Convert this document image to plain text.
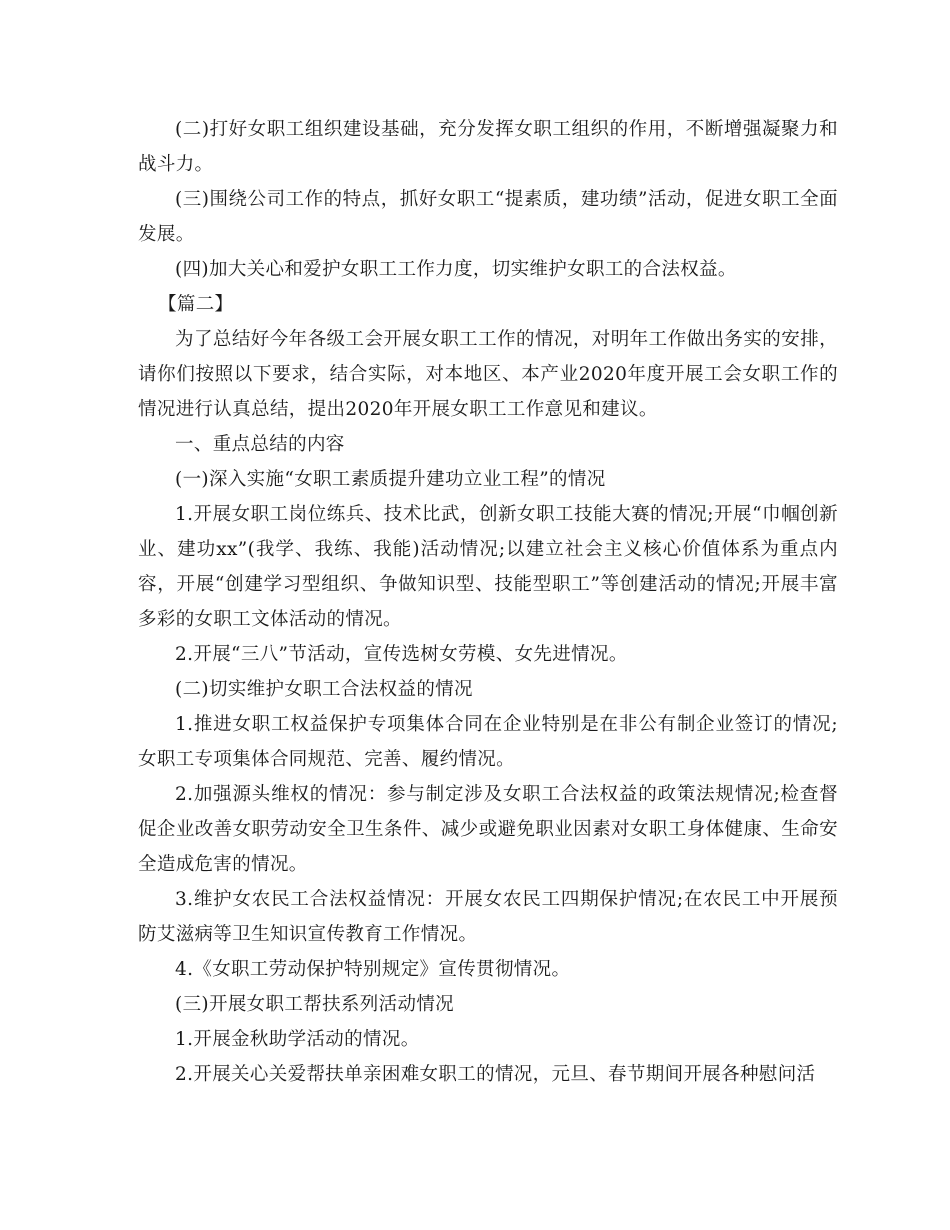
(二)打好女职工组织建设基础，充分发挥女职工组织的作用，不断增强凝聚力和战斗力。

(三)围绕公司工作的特点，抓好女职工“提素质，建功绩”活动，促进女职工全面发展。

(四)加大关心和爱护女职工工作力度，切实维护女职工的合法权益。

【篇二】

为了总结好今年各级工会开展女职工工作的情况，对明年工作做出务实的安排，请你们按照以下要求，结合实际，对本地区、本产业2020年度开展工会女职工作的情况进行认真总结，提出2020年开展女职工工作意见和建议。

一、重点总结的内容

(一)深入实施“女职工素质提升建功立业工程”的情况

1.开展女职工岗位练兵、技术比武，创新女职工技能大赛的情况;开展“巾帼创新业、建功xx”(我学、我练、我能)活动情况;以建立社会主义核心价值体系为重点内容，开展“创建学习型组织、争做知识型、技能型职工”等创建活动的情况;开展丰富多彩的女职工文体活动的情况。

2.开展“三八”节活动，宣传选树女劳模、女先进情况。

(二)切实维护女职工合法权益的情况

1.推进女职工权益保护专项集体合同在企业特别是在非公有制企业签订的情况;女职工专项集体合同规范、完善、履约情况。

2.加强源头维权的情况：参与制定涉及女职工合法权益的政策法规情况;检查督促企业改善女职劳动安全卫生条件、减少或避免职业因素对女职工身体健康、生命安全造成危害的情况。

3.维护女农民工合法权益情况：开展女农民工四期保护情况;在农民工中开展预防艾滋病等卫生知识宣传教育工作情况。

4.《女职工劳动保护特别规定》宣传贯彻情况。

(三)开展女职工帮扶系列活动情况

1.开展金秋助学活动的情况。

2.开展关心关爱帮扶单亲困难女职工的情况，元旦、春节期间开展各种慰问活
